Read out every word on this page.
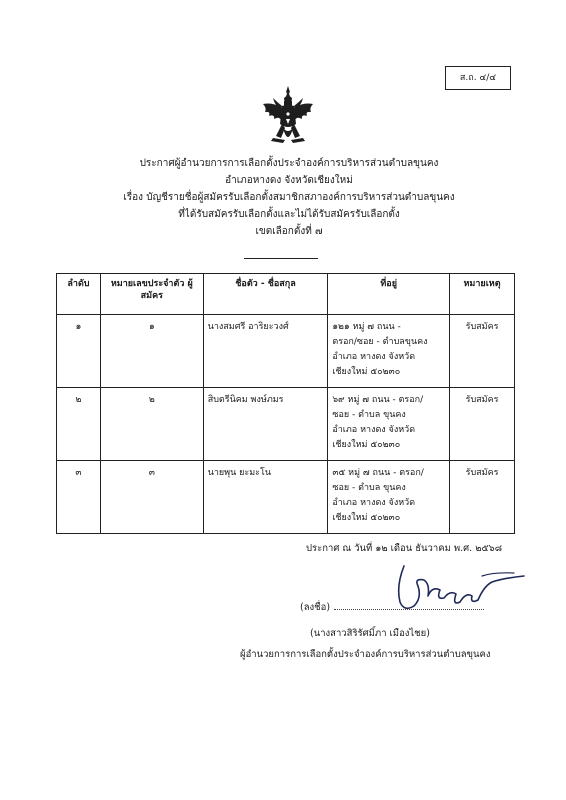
ส.ถ. ๔/๔
ประกาศผู้อำนวยการการเลือกตั้งประจำองค์การบริหารส่วนตำบลขุนคง
อำเภอหางดง จังหวัดเชียงใหม่
เรื่อง บัญชีรายชื่อผู้สมัครรับเลือกตั้งสมาชิกสภาองค์การบริหารส่วนตำบลขุนคง
ที่ได้รับสมัครรับเลือกตั้งและไม่ได้รับสมัครรับเลือกตั้ง
เขตเลือกตั้งที่ ๗
ลำดับ	หมายเลขประจำตัว ผู้สมัคร	ชื่อตัว - ชื่อสกุล	ที่อยู่	หมายเหตุ
๑	๑	นางสมศรี อาริยะวงศ์	๑๒๑ หมู่ ๗ ถนน -
ตรอก/ซอย - ตำบลขุนคง
อำเภอ หางดง จังหวัด
เชียงใหม่ ๕๐๒๓๐	รับสมัคร
๒	๒	สิบตรีนิคม พงษ์ภมร	๖๙ หมู่ ๗ ถนน - ตรอก/
ซอย - ตำบล ขุนคง
อำเภอ หางดง จังหวัด
เชียงใหม่ ๕๐๒๓๐	รับสมัคร
๓	๓	นายพุน ยะมะโน	๓๕ หมู่ ๗ ถนน - ตรอก/
ซอย - ตำบล ขุนคง
อำเภอ หางดง จังหวัด
เชียงใหม่ ๕๐๒๓๐	รับสมัคร
ประกาศ ณ วันที่ ๑๒ เดือน ธันวาคม พ.ศ. ๒๕๖๘
(ลงชื่อ)
(นางสาวสิริรัศมิ์ภา เมืองไชย)
ผู้อำนวยการการเลือกตั้งประจำองค์การบริหารส่วนตำบลขุนคง
